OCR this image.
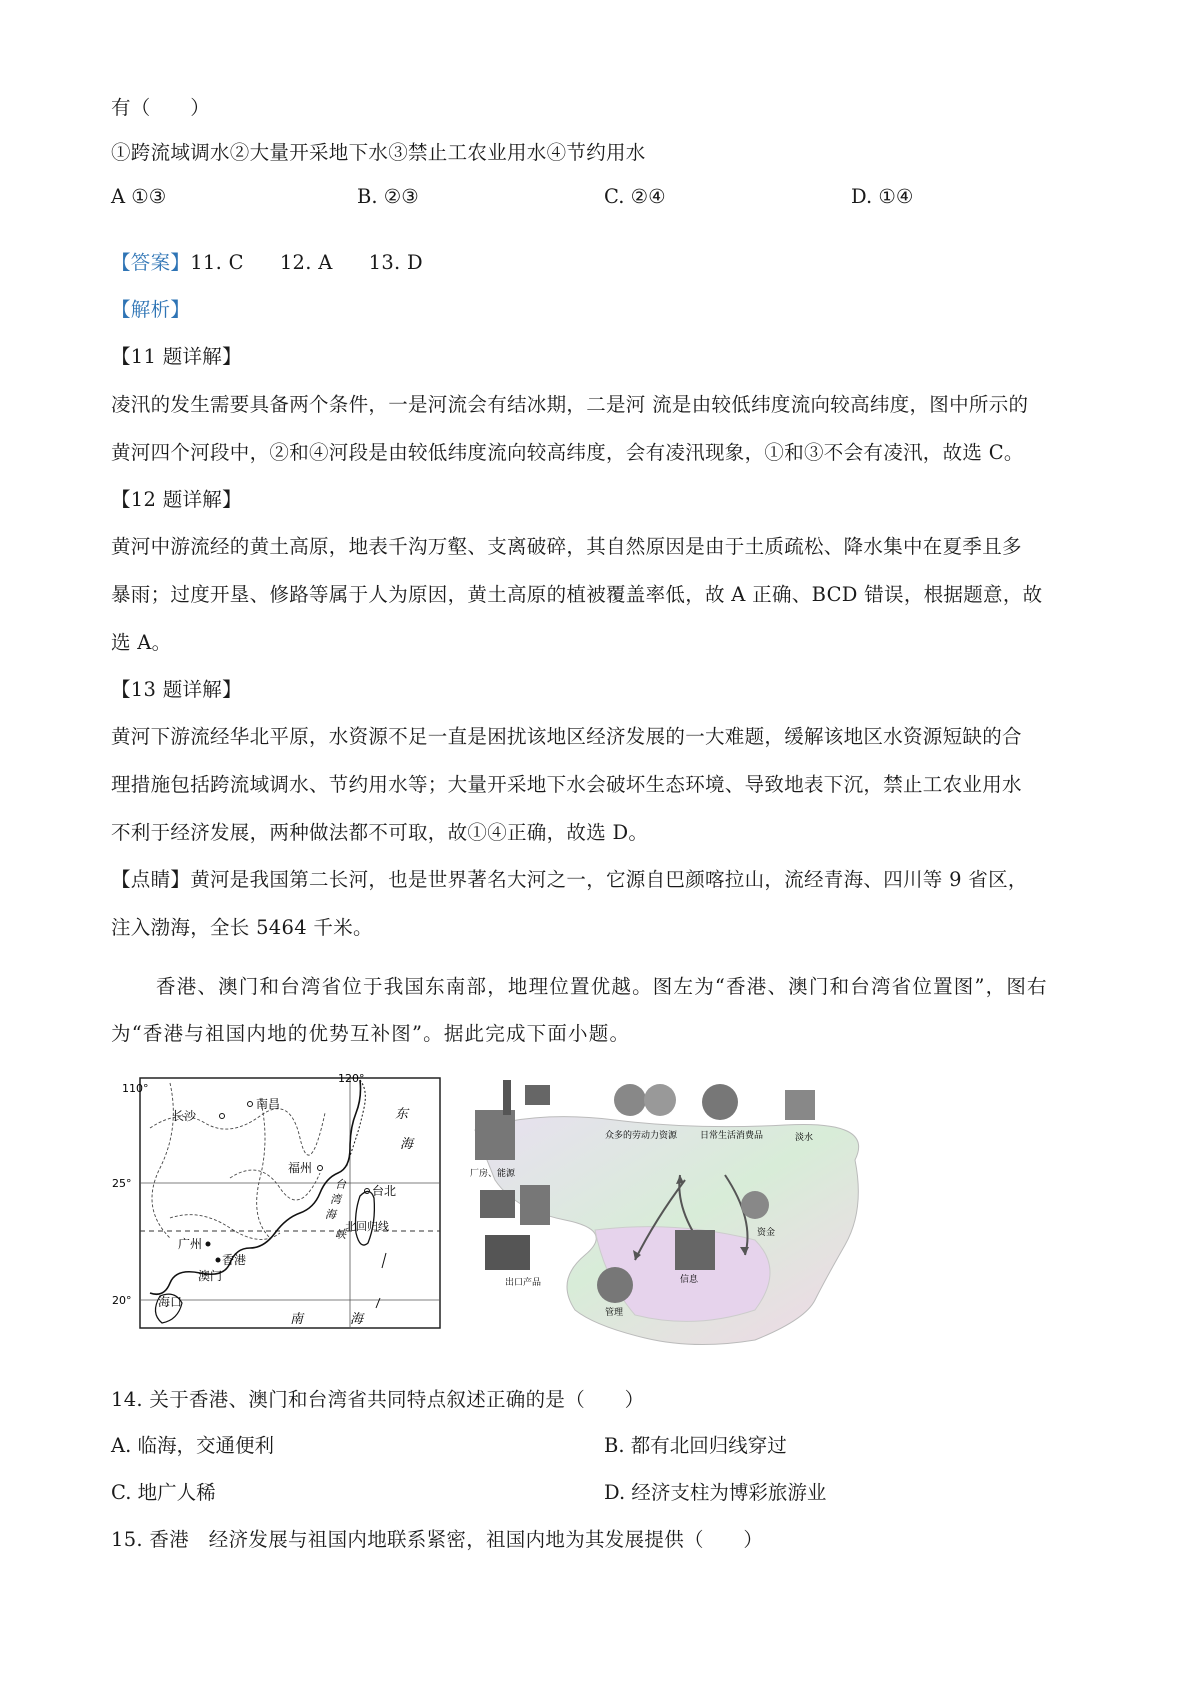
有（　　）
①跨流域调水②大量开采地下水③禁止工农业用水④节约用水
A ①③	B. ②③	C. ②④	D. ①④
【答案】11. C 12. A 13. D
【解析】
【11 题详解】
凌汛的发生需要具备两个条件，一是河流会有结冰期，二是河 流是由较低纬度流向较高纬度，图中所示的
黄河四个河段中，②和④河段是由较低纬度流向较高纬度，会有凌汛现象，①和③不会有凌汛，故选 C。
【12 题详解】
黄河中游流经的黄土高原，地表千沟万壑、支离破碎，其自然原因是由于土质疏松、降水集中在夏季且多
暴雨；过度开垦、修路等属于人为原因，黄土高原的植被覆盖率低，故 A 正确、BCD 错误，根据题意，故
选 A。
【13 题详解】
黄河下游流经华北平原，水资源不足一直是困扰该地区经济发展的一大难题，缓解该地区水资源短缺的合
理措施包括跨流域调水、节约用水等；大量开采地下水会破坏生态环境、导致地表下沉，禁止工农业用水
不利于经济发展，两种做法都不可取，故①④正确，故选 D。
【点睛】黄河是我国第二长河，也是世界著名大河之一，它源自巴颜喀拉山，流经青海、四川等 9 省区，
注入渤海，全长 5464 千米。
香港、澳门和台湾省位于我国东南部，地理位置优越。图左为“香港、澳门和台湾省位置图”，图右
为“香港与祖国内地的优势互补图”。据此完成下面小题。
110°
120°
25°
20°
长沙
南昌
福州
台北
广州
香港
澳门
海口
北回归线
东
海
南	海
台
湾
海
峡
厂房、能源
众多的劳动力资源	日常生活消费品	淡水
出口产品	信息
管理
资金
14. 关于香港、澳门和台湾省共同特点叙述正确的是（　　）
A. 临海，交通便利	B. 都有北回归线穿过
C. 地广人稀	D. 经济支柱为博彩旅游业
15. 香港　经济发展与祖国内地联系紧密，祖国内地为其发展提供（　　）
